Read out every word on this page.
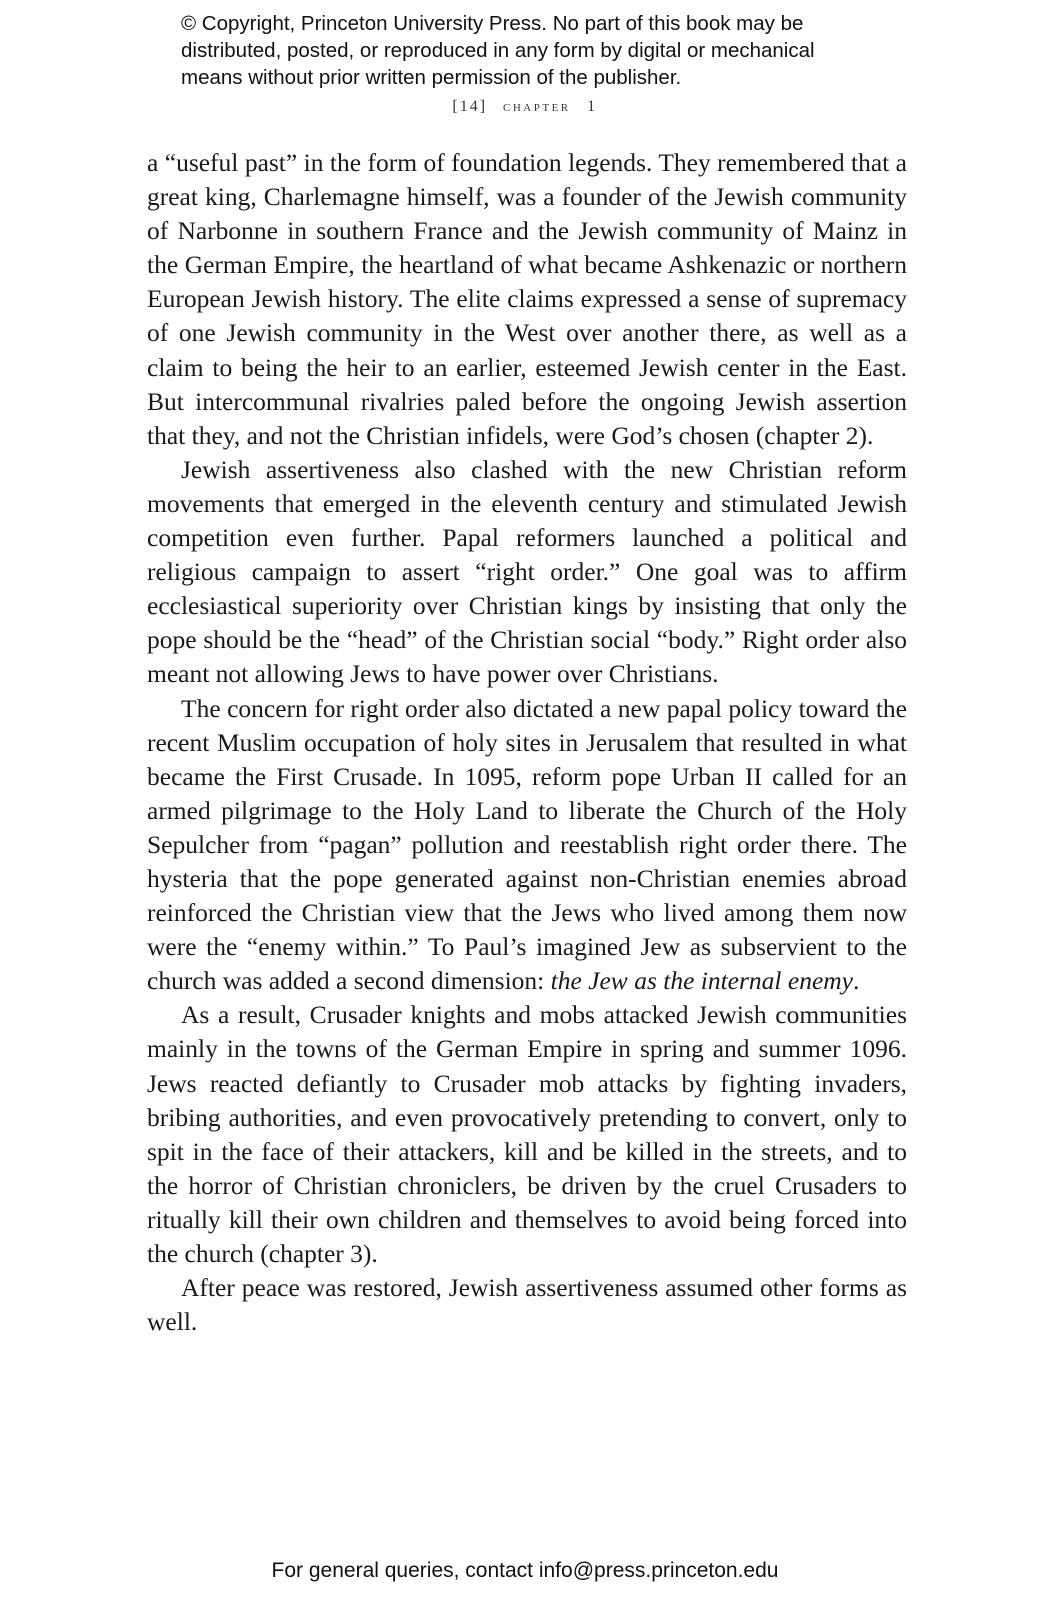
© Copyright, Princeton University Press. No part of this book may be
distributed, posted, or reproduced in any form by digital or mechanical
means without prior written permission of the publisher.
[14] chapter 1

a “useful past” in the form of foundation legends. They remembered that a great king, Charlemagne himself, was a founder of the Jewish community of Narbonne in southern France and the Jewish community of Mainz in the German Empire, the heartland of what became Ashkenazic or northern European Jewish history. The elite claims expressed a sense of supremacy of one Jewish community in the West over another there, as well as a claim to being the heir to an earlier, esteemed Jewish center in the East. But intercommunal rivalries paled before the ongoing Jewish assertion that they, and not the Christian infidels, were God’s chosen (chapter 2).

Jewish assertiveness also clashed with the new Christian reform movements that emerged in the eleventh century and stimulated Jewish competition even further. Papal reformers launched a political and religious campaign to assert “right order.” One goal was to affirm ecclesiastical superiority over Christian kings by insisting that only the pope should be the “head” of the Christian social “body.” Right order also meant not allowing Jews to have power over Christians.

The concern for right order also dictated a new papal policy toward the recent Muslim occupation of holy sites in Jerusalem that resulted in what became the First Crusade. In 1095, reform pope Urban II called for an armed pilgrimage to the Holy Land to liberate the Church of the Holy Sepulcher from “pagan” pollution and reestablish right order there. The hysteria that the pope generated against non-Christian enemies abroad reinforced the Christian view that the Jews who lived among them now were the “enemy within.” To Paul’s imagined Jew as subservient to the church was added a second dimension: the Jew as the internal enemy.

As a result, Crusader knights and mobs attacked Jewish communities mainly in the towns of the German Empire in spring and summer 1096. Jews reacted defiantly to Crusader mob attacks by fighting invaders, bribing authorities, and even provocatively pretending to convert, only to spit in the face of their attackers, kill and be killed in the streets, and to the horror of Christian chroniclers, be driven by the cruel Crusaders to ritually kill their own children and themselves to avoid being forced into the church (chapter 3).

After peace was restored, Jewish assertiveness assumed other forms as well.

For general queries, contact info@press.princeton.edu
